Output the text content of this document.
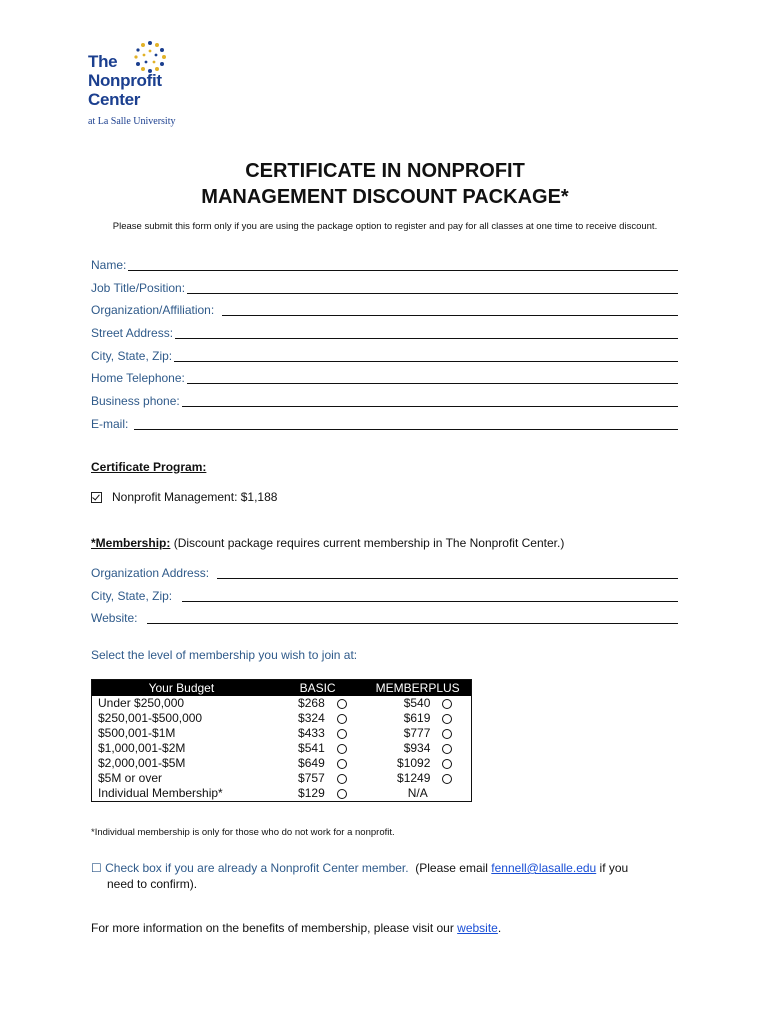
The
Nonprofit
Center
at La Salle University
CERTIFICATE IN NONPROFIT
MANAGEMENT DISCOUNT PACKAGE*

Please submit this form only if you are using the package option to register and pay for all classes at one time to receive discount.

Name:
Job Title/Position:
Organization/Affiliation:
Street Address:
City, State, Zip:
Home Telephone:
Business phone:
E-mail:
Certificate Program:
Nonprofit Management: $1,188
*Membership: (Discount package requires current membership in The Nonprofit Center.)
Organization Address:
City, State, Zip:
Website:
Select the level of membership you wish to join at:
Your Budget	BASIC	MEMBERPLUS
Under $250,000	$268	$540

$250,001-$500,000	$324	$619

$500,001-$1M	$433	$777

$1,000,001-$2M	$541	$934

$2,000,001-$5M	$649	$1092

$5M or over	$757	$1249

Individual Membership*	$129	N/A
*Individual membership is only for those who do not work for a nonprofit.
☐ Check box if you are already a Nonprofit Center member. (Please email fennell@lasalle.edu if you
need to confirm).
For more information on the benefits of membership, please visit our website.
